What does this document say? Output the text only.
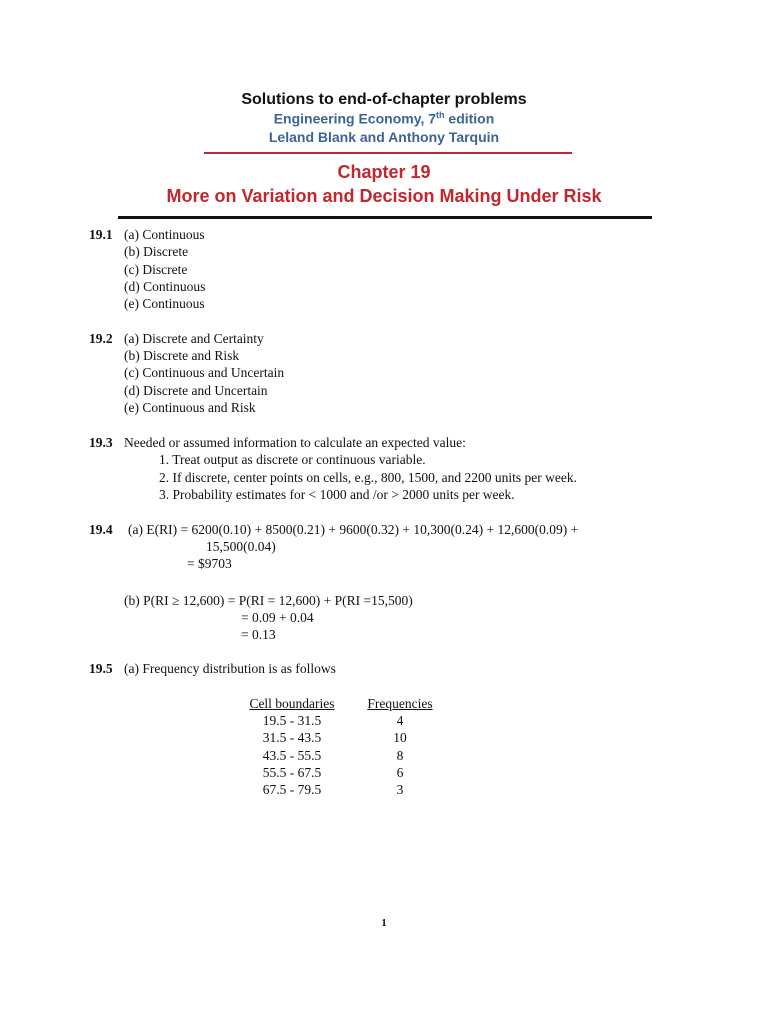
Solutions to end-of-chapter problems
Engineering Economy, 7th edition
Leland Blank and Anthony Tarquin
Chapter 19
More on Variation and Decision Making Under Risk
19.1 (a) Continuous
(b) Discrete
(c) Discrete
(d) Continuous
(e) Continuous
19.2 (a) Discrete and Certainty
(b) Discrete and Risk
(c) Continuous and Uncertain
(d) Discrete and Uncertain
(e) Continuous and Risk
19.3 Needed or assumed information to calculate an expected value:
1. Treat output as discrete or continuous variable.
2. If discrete, center points on cells, e.g., 800, 1500, and 2200 units per week.
3. Probability estimates for < 1000 and /or > 2000 units per week.
19.4 (a) E(RI) = 6200(0.10) + 8500(0.21) + 9600(0.32) + 10,300(0.24) + 12,600(0.09) +
15,500(0.04)
= $9703
(b) P(RI ≥ 12,600) = P(RI = 12,600) + P(RI =15,500)
= 0.09 + 0.04
= 0.13
19.5 (a) Frequency distribution is as follows
Cell boundaries	Frequencies
19.5 - 31.5	4
31.5 - 43.5	10
43.5 - 55.5	8
55.5 - 67.5	6
67.5 - 79.5	3
1
